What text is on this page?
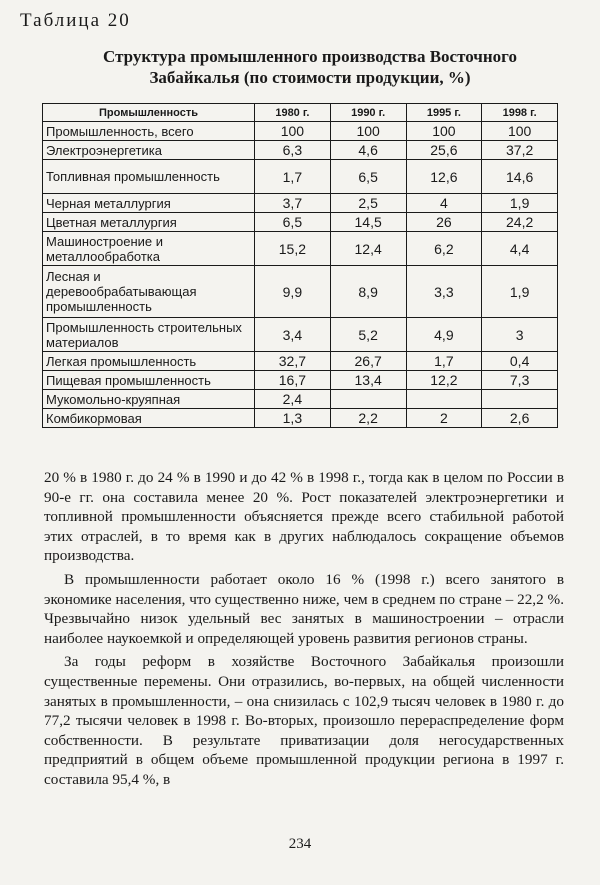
Таблица 20
Структура промышленного производства Восточного Забайкалья (по стоимости продукции, %)
Промышленность	1980 г.	1990 г.	1995 г.	1998 г.
Промышленность, всего	100	100	100	100
Электроэнергетика	6,3	4,6	25,6	37,2
Топливная промышленность	1,7	6,5	12,6	14,6
Черная металлургия	3,7	2,5	4	1,9
Цветная металлургия	6,5	14,5	26	24,2
Машиностроение и металлообработка	15,2	12,4	6,2	4,4
Лесная и деревообрабатывающая промышленность	9,9	8,9	3,3	1,9
Промышленность строительных материалов	3,4	5,2	4,9	3
Легкая промышленность	32,7	26,7	1,7	0,4
Пищевая промышленность	16,7	13,4	12,2	7,3
Мукомольно-круяпная	2,4			
Комбикормовая	1,3	2,2	2	2,6

20 % в 1980 г. до 24 % в 1990 и до 42 % в 1998 г., тогда как в целом по России в 90-е гг. она составила менее 20 %. Рост показателей электроэнергетики и топливной промышленности объясняется прежде всего стабильной работой этих отраслей, в то время как в других наблюдалось сокращение объемов производства.

В промышленности работает около 16 % (1998 г.) всего занятого в экономике населения, что существенно ниже, чем в среднем по стране – 22,2 %. Чрезвычайно низок удельный вес занятых в машиностроении – отрасли наиболее наукоемкой и определяющей уровень развития регионов страны.

За годы реформ в хозяйстве Восточного Забайкалья произошли существенные перемены. Они отразились, во-первых, на общей численности занятых в промышленности, – она снизилась с 102,9 тысяч человек в 1980 г. до 77,2 тысячи человек в 1998 г. Во-вторых, произошло перераспределение форм собственности. В результате приватизации доля негосударственных предприятий в общем объеме промышленной продукции региона в 1997 г. составила 95,4 %, в

234
